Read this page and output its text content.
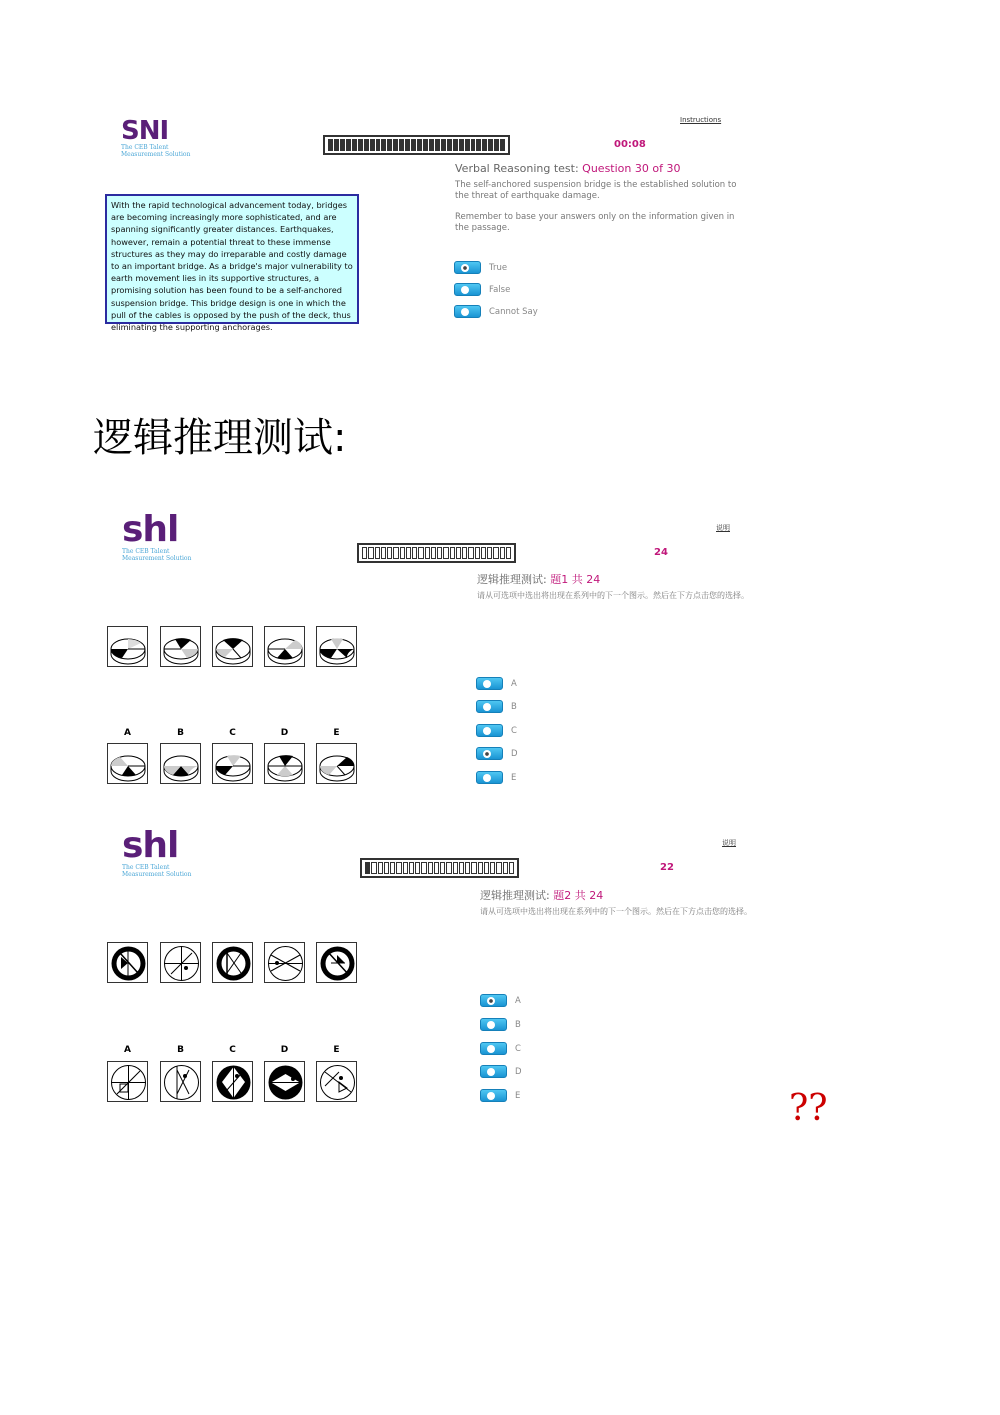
SNI
The CEB Talent
Measurement Solution
Instructions
00:08
Verbal Reasoning test: Question 30 of 30
The self-anchored suspension bridge is the established solution to the threat of earthquake damage.
Remember to base your answers only on the information given in the passage.
With the rapid technological advancement today, bridges are becoming increasingly more sophisticated, and are spanning significantly greater distances. Earthquakes, however, remain a potential threat to these immense structures as they may do irreparable and costly damage to an important bridge. As a bridge's major vulnerability to earth movement lies in its supportive structures, a promising solution has been found to be a self-anchored suspension bridge. This bridge design is one in which the pull of the cables is opposed by the push of the deck, thus eliminating the supporting anchorages.
True
False
Cannot Say
逻辑推理测试:
shl
The CEB Talent
Measurement Solution
说明
24
逻辑推理测试: 题1 共 24
请从可选项中选出将出现在系列中的下一个图示。然后在下方点击您的选择。
A	B	C	D	E
A
B
C
D
E
shl
The CEB Talent
Measurement Solution
说明
22
逻辑推理测试: 题2 共 24
请从可选项中选出将出现在系列中的下一个图示。然后在下方点击您的选择。
A	B	C	D	E
A
B
C
D
E	??
